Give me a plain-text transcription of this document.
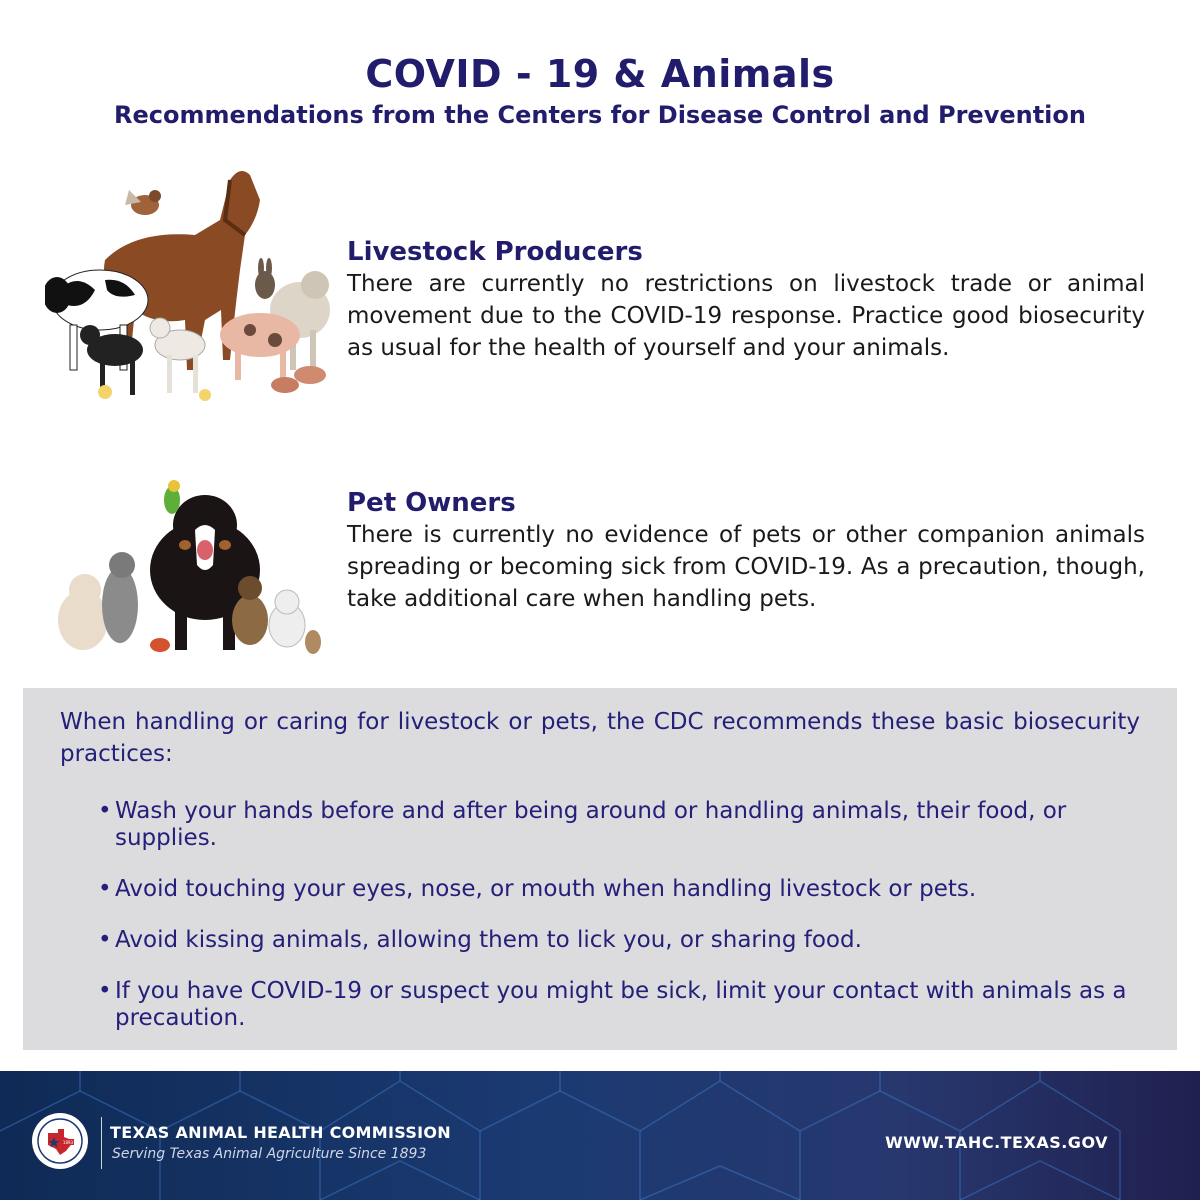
COVID - 19 & Animals
Recommendations from the Centers for Disease Control and Prevention
Livestock Producers

There are currently no restrictions on livestock trade or animal movement due to the COVID-19 response. Practice good biosecurity as usual for the health of yourself and your animals.

Pet Owners

There is currently no evidence of pets or other companion animals spreading or becoming sick from COVID-19. As a precaution, though, take additional care when handling pets.

When handling or caring for livestock or pets, the CDC recommends these basic biosecurity practices:
• Wash your hands before and after being around or handling animals, their food, or supplies.
• Avoid touching your eyes, nose, or mouth when handling livestock or pets.
• Avoid kissing animals, allowing them to lick you, or sharing food.
• If you have COVID-19 or suspect you might be sick, limit your contact with animals as a precaution.
1893
TEXAS ANIMAL HEALTH COMMISSION
Serving Texas Animal Agriculture Since 1893
WWW.TAHC.TEXAS.GOV
